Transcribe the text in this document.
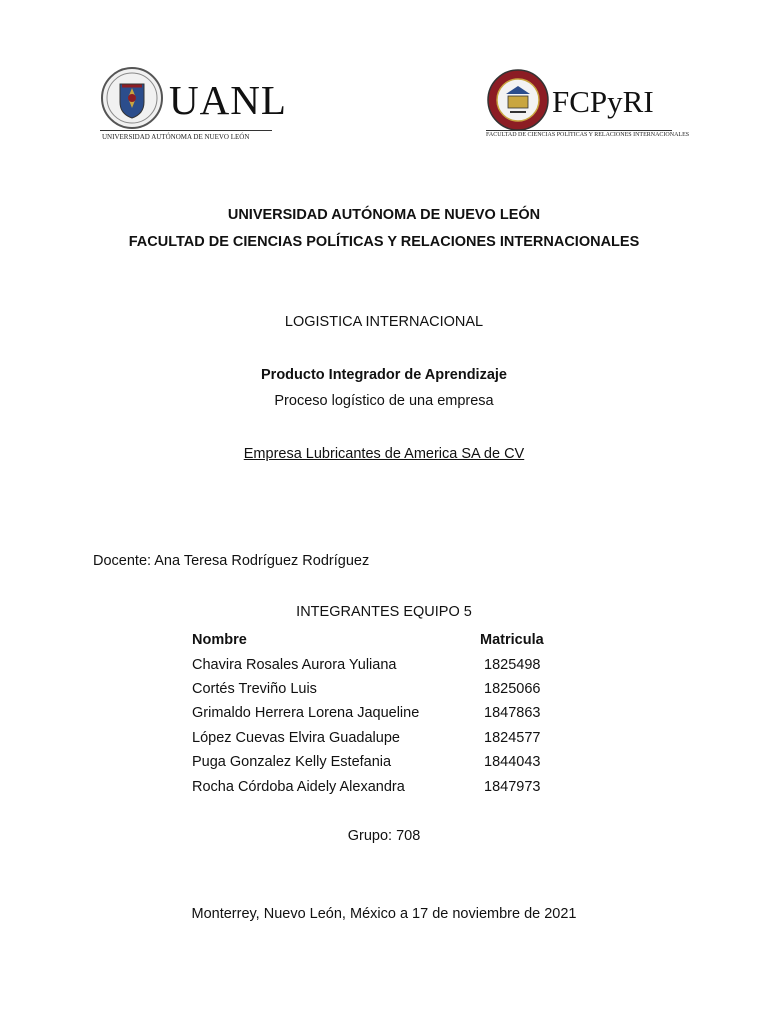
UANL
UNIVERSIDAD AUTÓNOMA DE NUEVO LEÓN
FCPyRI
FACULTAD DE CIENCIAS POLÍTICAS Y RELACIONES INTERNACIONALES
UNIVERSIDAD AUTÓNOMA DE NUEVO LEÓN
FACULTAD DE CIENCIAS POLÍTICAS Y RELACIONES INTERNACIONALES
LOGISTICA INTERNACIONAL
Producto Integrador de Aprendizaje
Proceso logístico de una empresa
Empresa Lubricantes de America SA de CV
Docente: Ana Teresa Rodríguez Rodríguez
INTEGRANTES EQUIPO 5
Nombre	Matricula
Chavira Rosales Aurora Yuliana	1825498
Cortés Treviño Luis	1825066
Grimaldo Herrera Lorena Jaqueline	1847863
López Cuevas Elvira Guadalupe	1824577
Puga Gonzalez Kelly Estefania	1844043
Rocha Córdoba Aidely Alexandra	1847973
Grupo: 708
Monterrey, Nuevo León, México a 17 de noviembre de 2021
